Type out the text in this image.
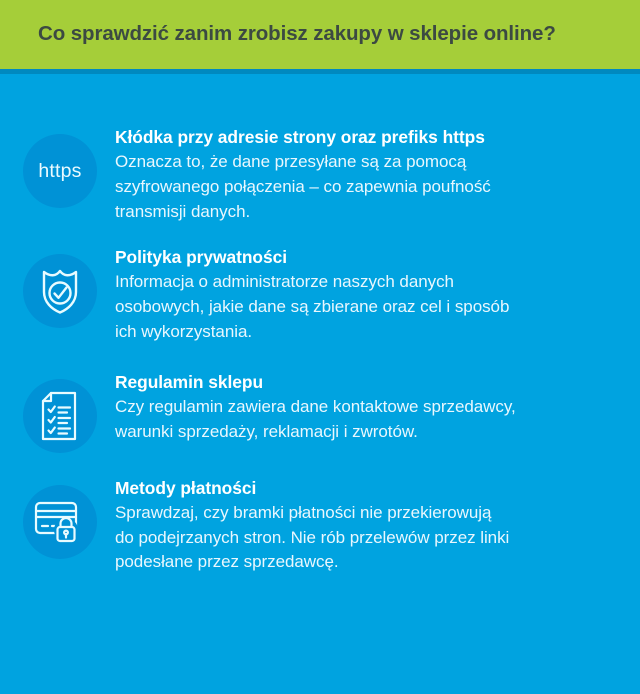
Co sprawdzić zanim zrobisz zakupy w sklepie online?
https

Kłódka przy adresie strony oraz prefiks https

Oznacza to, że dane przesyłane są za pomocą
szyfrowanego połączenia – co zapewnia poufność
transmisji danych.

Polityka prywatności

Informacja o administratorze naszych danych
osobowych, jakie dane są zbierane oraz cel i sposób
ich wykorzystania.

Regulamin sklepu

Czy regulamin zawiera dane kontaktowe sprzedawcy,
warunki sprzedaży, reklamacji i zwrotów.

Metody płatności

Sprawdzaj, czy bramki płatności nie przekierowują
do podejrzanych stron. Nie rób przelewów przez linki
podesłane przez sprzedawcę.
